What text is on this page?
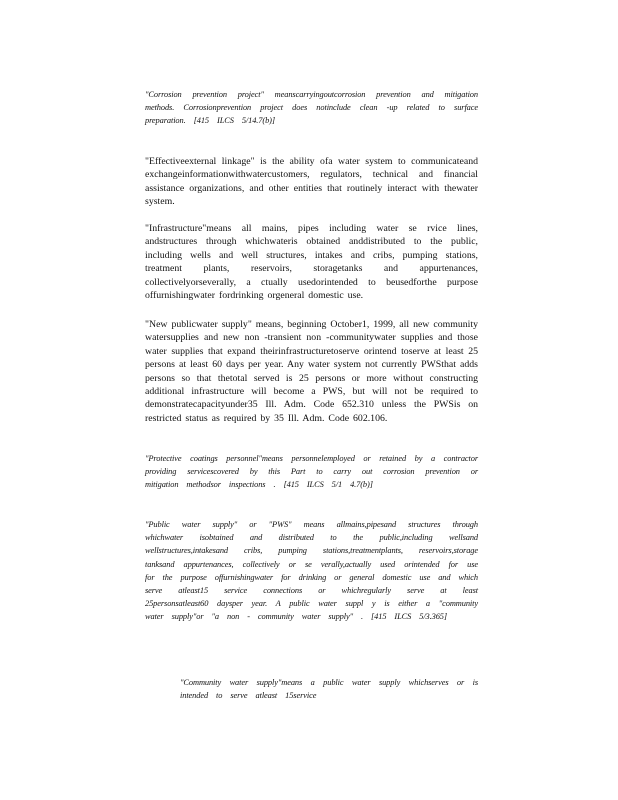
"Corrosion prevention project" meanscarryingoutcorrosion prevention and mitigation methods. Corrosionprevention project does notinclude clean -up related to surface preparation. [415 ILCS 5/14.7(b)]

"Effectiveexternal linkage" is the ability ofa water system to communicateand exchangeinformationwithwatercustomers, regulators, technical and financial assistance organizations, and other entities that routinely interact with thewater system.

"Infrastructure"means all mains, pipes including water se rvice lines, andstructures through whichwateris obtained anddistributed to the public, including wells and well structures, intakes and cribs, pumping stations, treatment plants, reservoirs, storagetanks and appurtenances, collectivelyorseverally, a ctually usedorintended to beusedforthe purpose offurnishingwater fordrinking orgeneral domestic use.

"New publicwater supply" means, beginning October1, 1999, all new community watersupplies and new non -transient non -communitywater supplies and those water supplies that expand theirinfrastructuretoserve orintend toserve at least 25 persons at least 60 days per year. Any water system not currently PWSthat adds persons so that thetotal served is 25 persons or more without constructing additional infrastructure will become a PWS, but will not be required to demonstratecapacityunder35 Ill. Adm. Code 652.310 unless the PWSis on restricted status as required by 35 Ill. Adm. Code 602.106.

"Protective coatings personnel"means personnelemployed or retained by a contractor providing servicescovered by this Part to carry out corrosion prevention or mitigation methodsor inspections . [415 ILCS 5/1 4.7(b)]

"Public water supply" or "PWS" means allmains,pipesand structures through whichwater isobtained and distributed to the public,including wellsand wellstructures,intakesand cribs, pumping stations,treatmentplants, reservoirs,storage tanksand appurtenances, collectively or se verally,actually used orintended for use for the purpose offurnishingwater for drinking or general domestic use and which serve atleast15 service connections or whichregularly serve at least 25personsatleast60 daysper year. A public water suppl y is either a "community water supply"or "a non - community water supply" . [415 ILCS 5/3.365]

"Community water supply"means a public water supply whichserves or is intended to serve atleast 15service
